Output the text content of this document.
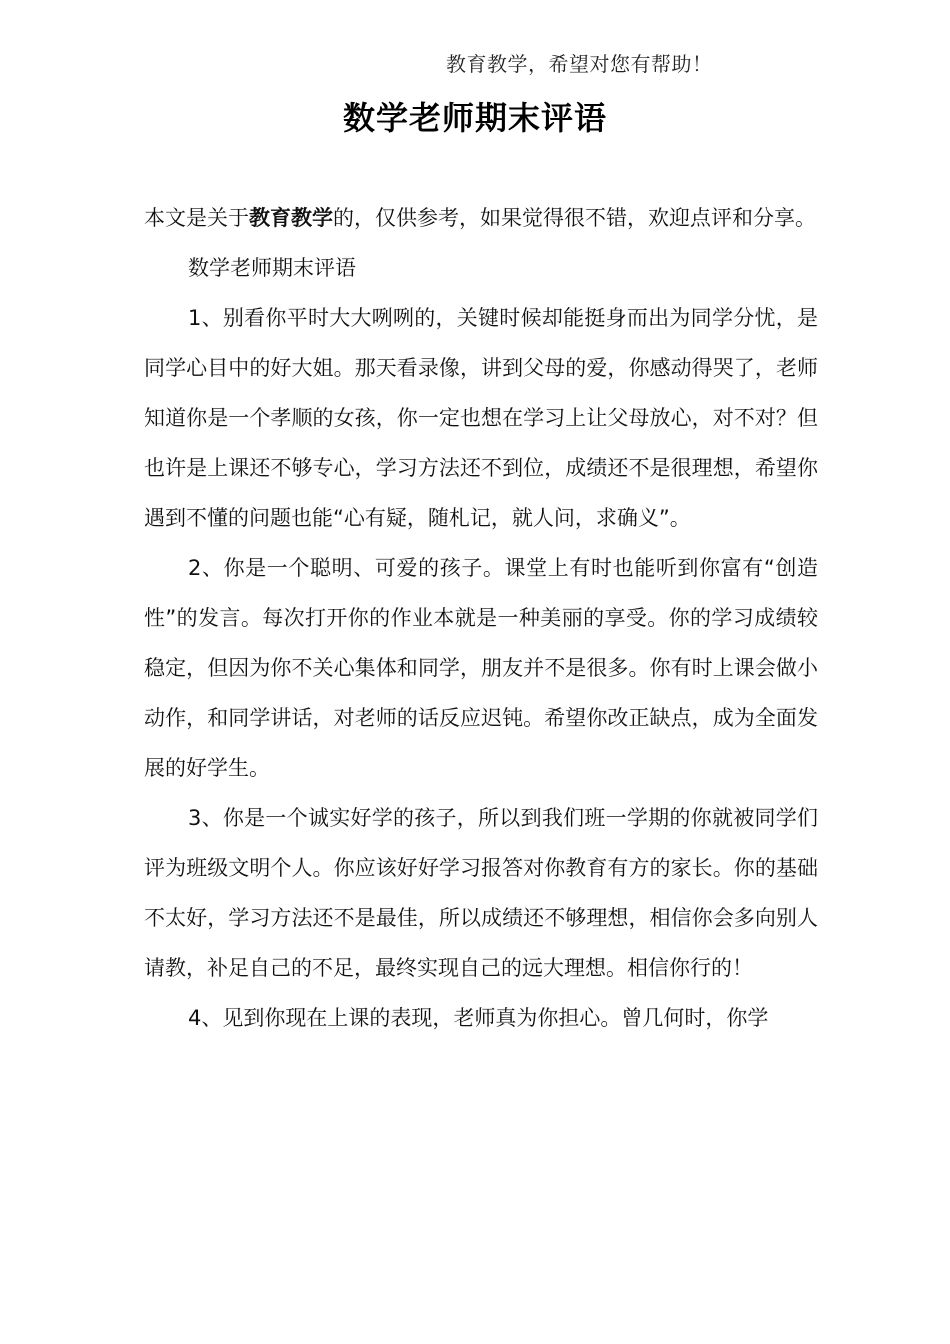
教育教学，希望对您有帮助！
数学老师期末评语

本文是关于教育教学的，仅供参考，如果觉得很不错，欢迎点评和分享。

数学老师期末评语

1、别看你平时大大咧咧的，关键时候却能挺身而出为同学分忧，是同学心目中的好大姐。那天看录像，讲到父母的爱，你感动得哭了，老师知道你是一个孝顺的女孩，你一定也想在学习上让父母放心，对不对？但也许是上课还不够专心，学习方法还不到位，成绩还不是很理想，希望你遇到不懂的问题也能“心有疑，随札记，就人问，求确义”。

2、你是一个聪明、可爱的孩子。课堂上有时也能听到你富有“创造性”的发言。每次打开你的作业本就是一种美丽的享受。你的学习成绩较稳定，但因为你不关心集体和同学，朋友并不是很多。你有时上课会做小动作，和同学讲话，对老师的话反应迟钝。希望你改正缺点，成为全面发展的好学生。

3、你是一个诚实好学的孩子，所以到我们班一学期的你就被同学们评为班级文明个人。你应该好好学习报答对你教育有方的家长。你的基础不太好，学习方法还不是最佳，所以成绩还不够理想，相信你会多向别人请教，补足自己的不足，最终实现自己的远大理想。相信你行的！

4、见到你现在上课的表现，老师真为你担心。曾几何时，你学
